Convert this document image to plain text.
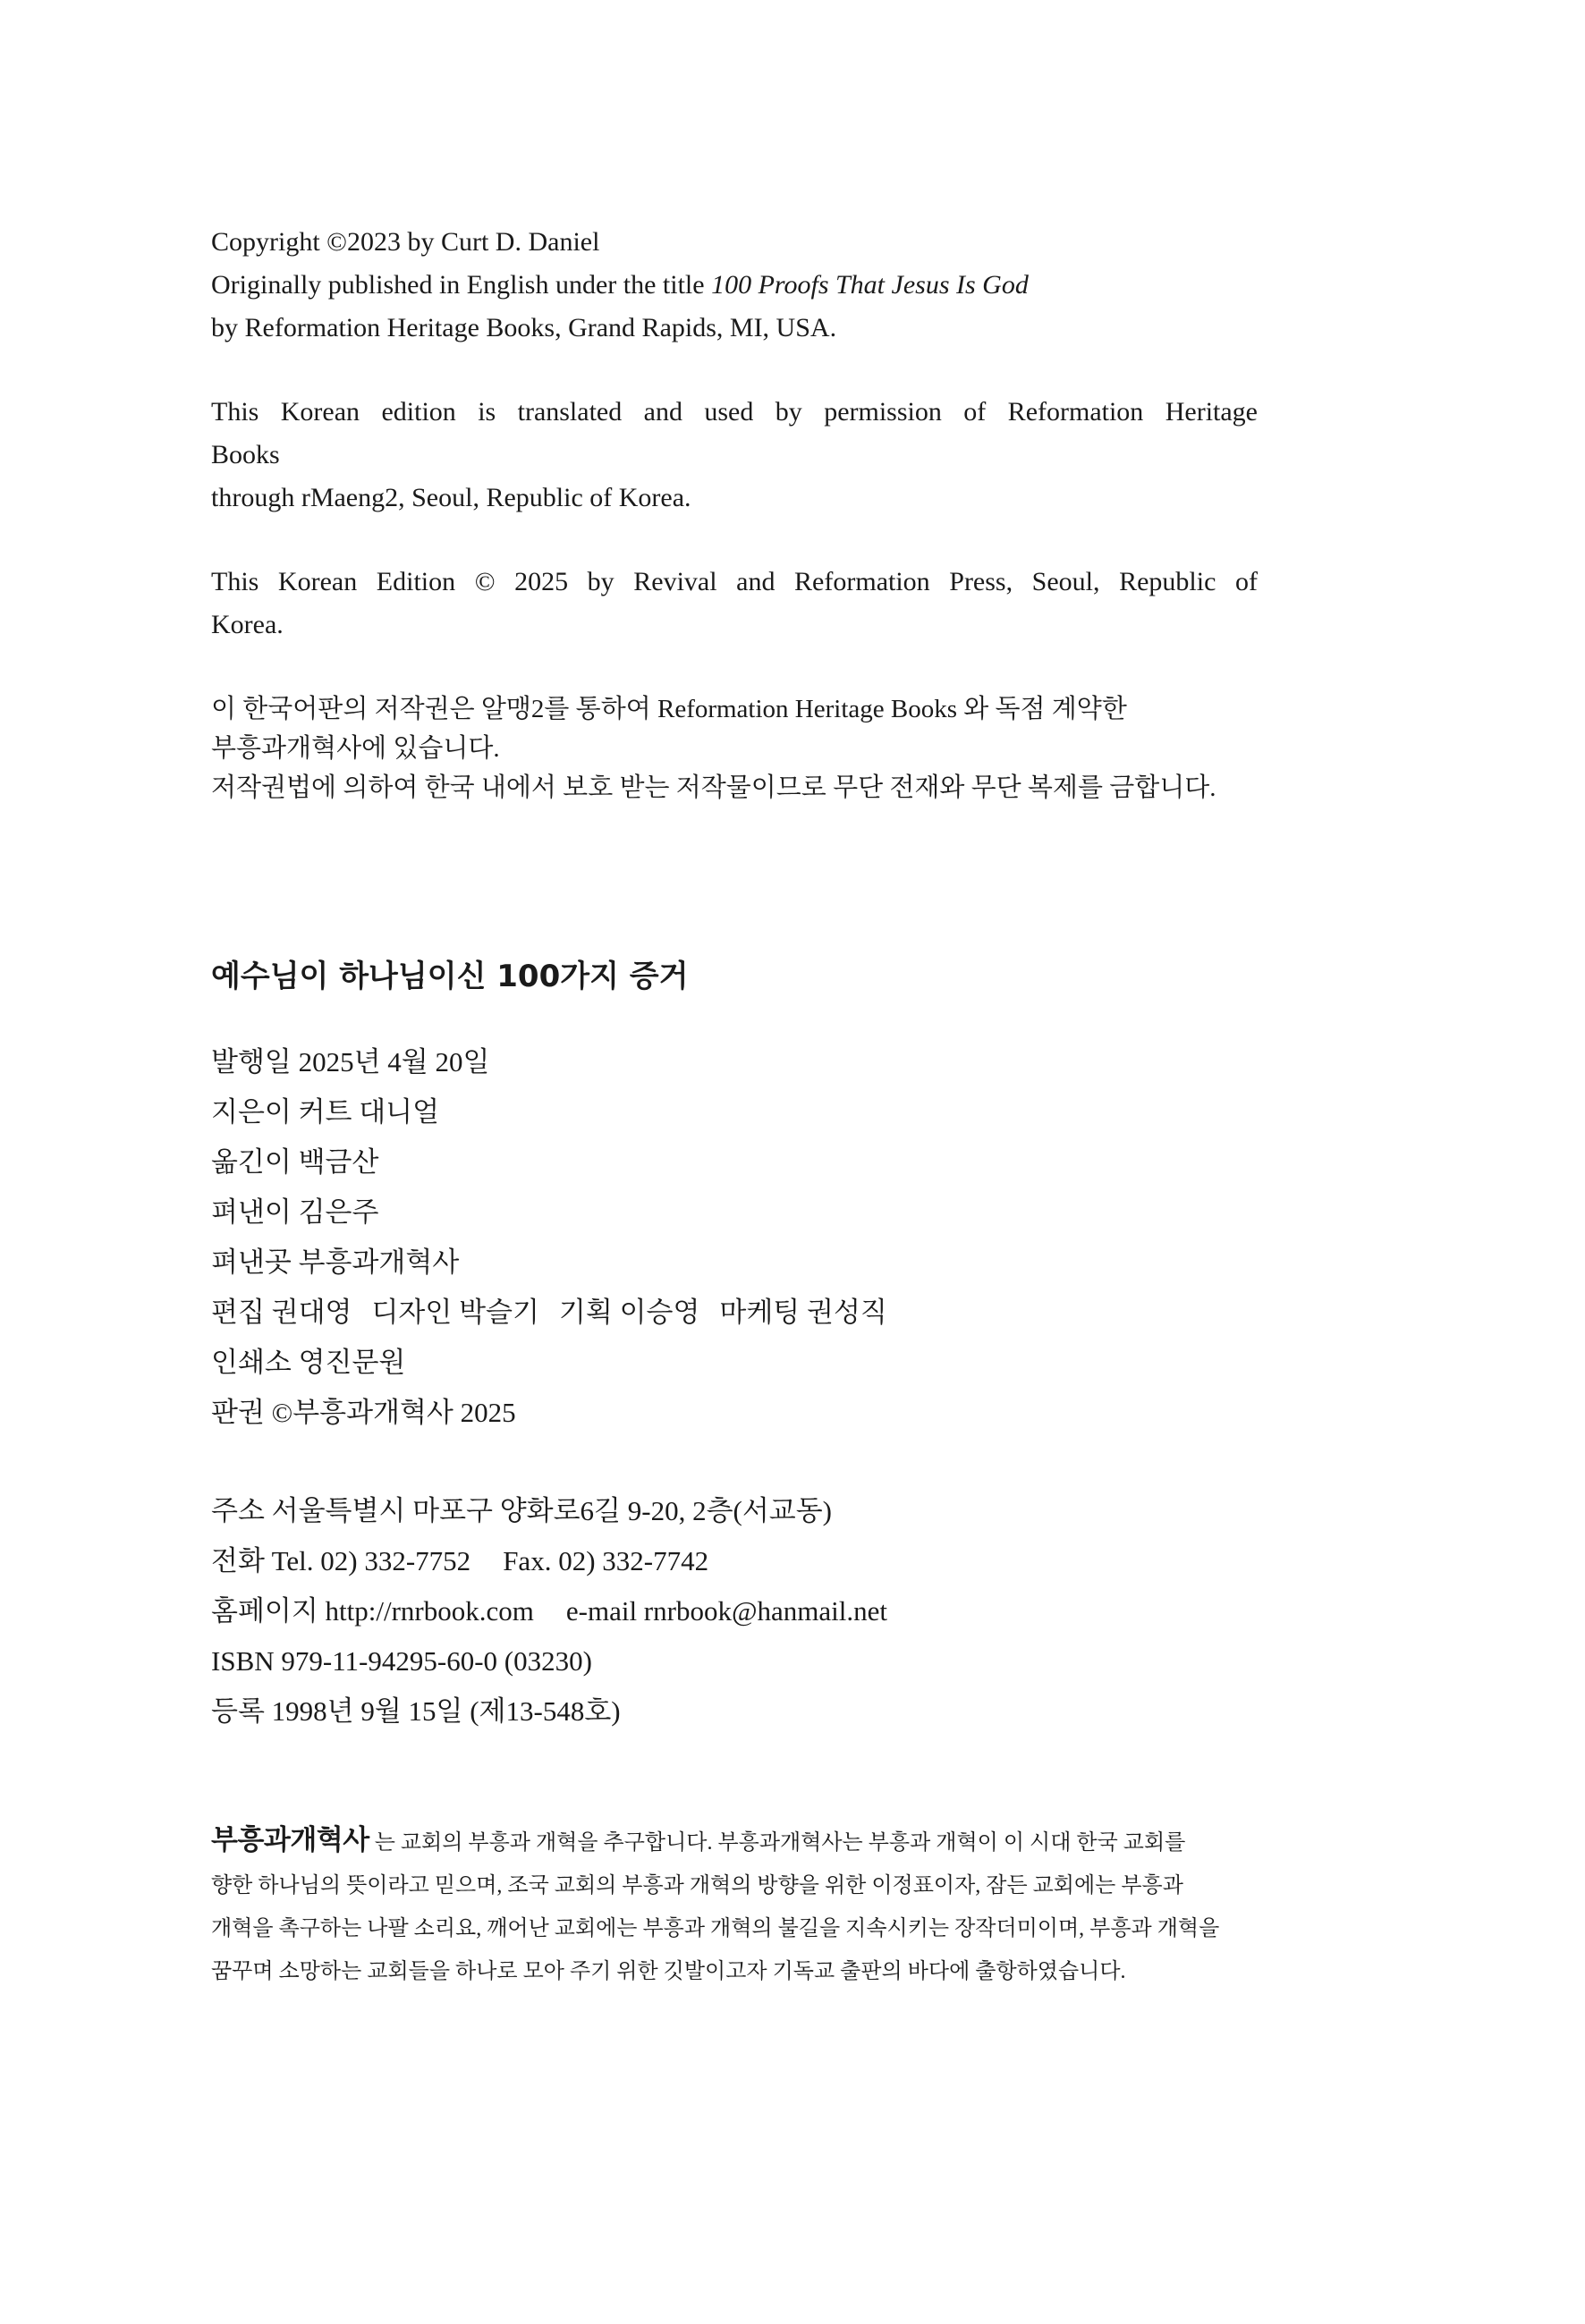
Copyright ©2023 by Curt D. Daniel
Originally published in English under the title 100 Proofs That Jesus Is God
by Reformation Heritage Books, Grand Rapids, MI, USA.
This Korean edition is translated and used by permission of Reformation Heritage
Books
through rMaeng2, Seoul, Republic of Korea.
This Korean Edition © 2025 by Revival and Reformation Press, Seoul, Republic of
Korea.
이 한국어판의 저작권은 알맹2를 통하여 Reformation Heritage Books 와 독점 계약한
부흥과개혁사에 있습니다.
저작권법에 의하여 한국 내에서 보호 받는 저작물이므로 무단 전재와 무단 복제를 금합니다.
예수님이 하나님이신 100가지 증거
발행일 2025년 4월 20일
지은이 커트 대니얼
옮긴이 백금산
펴낸이 김은주
펴낸곳 부흥과개혁사
편집 권대영 디자인 박슬기 기획 이승영 마케팅 권성직
인쇄소 영진문원
판권 ©부흥과개혁사 2025
주소 서울특별시 마포구 양화로6길 9-20, 2층(서교동)
전화 Tel. 02) 332-7752 Fax. 02) 332-7742
홈페이지 http://rnrbook.com e-mail rnrbook@hanmail.net
ISBN 979-11-94295-60-0 (03230)
등록 1998년 9월 15일 (제13-548호)
부흥과개혁사 는 교회의 부흥과 개혁을 추구합니다. 부흥과개혁사는 부흥과 개혁이 이 시대 한국 교회를
향한 하나님의 뜻이라고 믿으며, 조국 교회의 부흥과 개혁의 방향을 위한 이정표이자, 잠든 교회에는 부흥과
개혁을 촉구하는 나팔 소리요, 깨어난 교회에는 부흥과 개혁의 불길을 지속시키는 장작더미이며, 부흥과 개혁을
꿈꾸며 소망하는 교회들을 하나로 모아 주기 위한 깃발이고자 기독교 출판의 바다에 출항하였습니다.
